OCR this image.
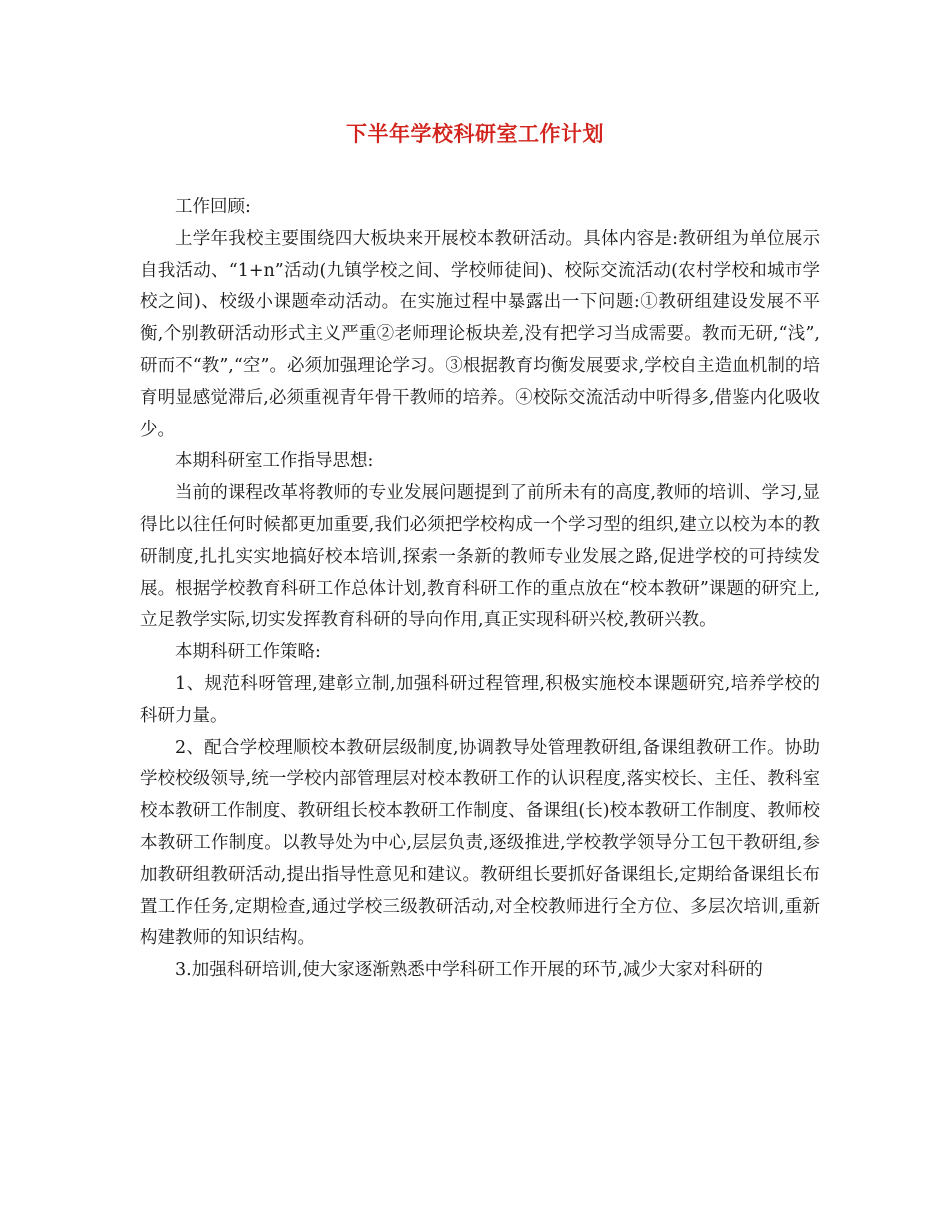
下半年学校科研室工作计划

工作回顾:

上学年我校主要围绕四大板块来开展校本教研活动。具体内容是:教研组为单位展示自我活动、“1+n”活动(九镇学校之间、学校师徒间)、校际交流活动(农村学校和城市学校之间)、校级小课题牵动活动。在实施过程中暴露出一下问题:①教研组建设发展不平衡,个别教研活动形式主义严重②老师理论板块差,没有把学习当成需要。教而无研,“浅”,研而不“教”,“空”。必须加强理论学习。③根据教育均衡发展要求,学校自主造血机制的培育明显感觉滞后,必须重视青年骨干教师的培养。④校际交流活动中听得多,借鉴内化吸收少。

本期科研室工作指导思想:

当前的课程改革将教师的专业发展问题提到了前所未有的高度,教师的培训、学习,显得比以往任何时候都更加重要,我们必须把学校构成一个学习型的组织,建立以校为本的教研制度,扎扎实实地搞好校本培训,探索一条新的教师专业发展之路,促进学校的可持续发展。根据学校教育科研工作总体计划,教育科研工作的重点放在“校本教研”课题的研究上,立足教学实际,切实发挥教育科研的导向作用,真正实现科研兴校,教研兴教。

本期科研工作策略:

1、规范科呀管理,建彰立制,加强科研过程管理,积极实施校本课题研究,培养学校的科研力量。

2、配合学校理顺校本教研层级制度,协调教导处管理教研组,备课组教研工作。协助学校校级领导,统一学校内部管理层对校本教研工作的认识程度,落实校长、主任、教科室校本教研工作制度、教研组长校本教研工作制度、备课组(长)校本教研工作制度、教师校本教研工作制度。以教导处为中心,层层负责,逐级推进,学校教学领导分工包干教研组,参加教研组教研活动,提出指导性意见和建议。教研组长要抓好备课组长,定期给备课组长布置工作任务,定期检查,通过学校三级教研活动,对全校教师进行全方位、多层次培训,重新构建教师的知识结构。

3.加强科研培训,使大家逐渐熟悉中学科研工作开展的环节,减少大家对科研的
